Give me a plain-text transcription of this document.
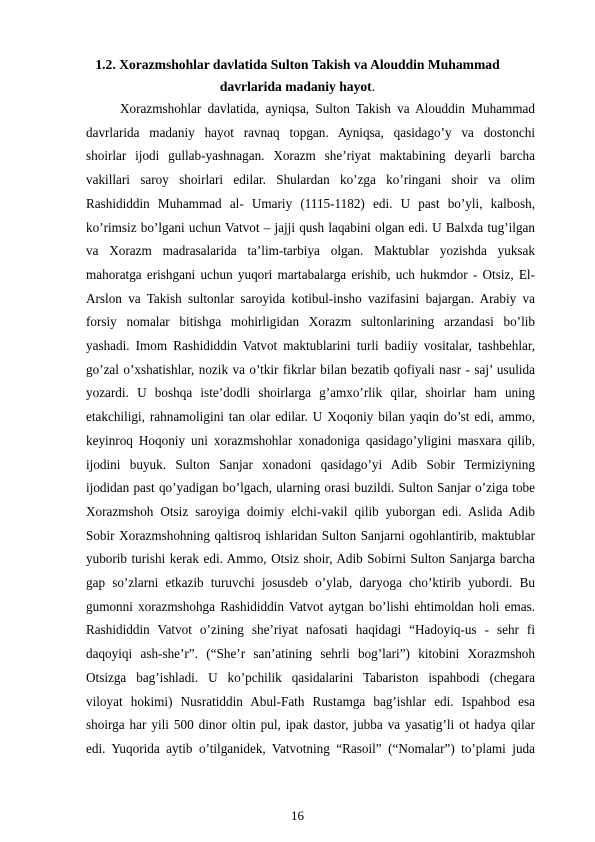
1.2. Xorazmshohlar davlatida Sulton Takish va Alouddin Muhammad
davrlarida madaniy hayot.
Xorazmshohlar davlatida, ayniqsa, Sulton Takish va Alouddin Muhammad
davrlarida madaniy hayot ravnaq topgan. Ayniqsa, qasidago’y va dostonchi
shoirlar ijodi gullab-yashnagan. Xorazm she’riyat maktabining deyarli barcha
vakillari saroy shoirlari edilar. Shulardan ko’zga ko’ringani shoir va olim
Rashididdin Muhammad al- Umariy (1115-1182) edi. U past bo’yli, kalbosh,
ko’rimsiz bo’lgani uchun Vatvot – jajji qush laqabini olgan edi. U Balxda tug’ilgan
va Xorazm madrasalarida ta’lim-tarbiya olgan. Maktublar yozishda yuksak
mahoratga erishgani uchun yuqori martabalarga erishib, uch hukmdor - Otsiz, El-
Arslon va Takish sultonlar saroyida kotibul-insho vazifasini bajargan. Arabiy va
forsiy nomalar bitishga mohirligidan Xorazm sultonlarining arzandasi bo’lib
yashadi. Imom Rashididdin Vatvot maktublarini turli badiiy vositalar, tashbehlar,
go’zal o’xshatishlar, nozik va o’tkir fikrlar bilan bezatib qofiyali nasr - saj’ usulida
yozardi. U boshqa iste’dodli shoirlarga g’amxo’rlik qilar, shoirlar ham uning
etakchiligi, rahnamoligini tan olar edilar. U Xoqoniy bilan yaqin do’st edi, ammo,
keyinroq Hoqoniy uni xorazmshohlar xonadoniga qasidago’yligini masxara qilib,
ijodini buyuk. Sulton Sanjar xonadoni qasidago’yi Adib Sobir Termiziyning
ijodidan past qo’yadigan bo’lgach, ularning orasi buzildi. Sulton Sanjar o’ziga tobe
Xorazmshoh Otsiz saroyiga doimiy elchi-vakil qilib yuborgan edi. Aslida Adib
Sobir Xorazmshohning qaltisroq ishlaridan Sulton Sanjarni ogohlantirib, maktublar
yuborib turishi kerak edi. Ammo, Otsiz shoir, Adib Sobirni Sulton Sanjarga barcha
gap so’zlarni etkazib turuvchi josusdeb o’ylab, daryoga cho’ktirib yubordi. Bu
gumonni xorazmshohga Rashididdin Vatvot aytgan bo’lishi ehtimoldan holi emas.
Rashididdin Vatvot o’zining she’riyat nafosati haqidagi “Hadoyiq-us - sehr fi
daqoyiqi ash-she’r”. (“She’r san’atining sehrli bog’lari”) kitobini Xorazmshoh
Otsizga bag’ishladi. U ko’pchilik qasidalarini Tabariston ispahbodi (chegara
viloyat hokimi) Nusratiddin Abul-Fath Rustamga bag’ishlar edi. Ispahbod esa
shoirga har yili 500 dinor oltin pul, ipak dastor, jubba va yasatig’li ot hadya qilar
edi. Yuqorida aytib o’tilganidek, Vatvotning “Rasoil” (“Nomalar”) to’plami juda
16
